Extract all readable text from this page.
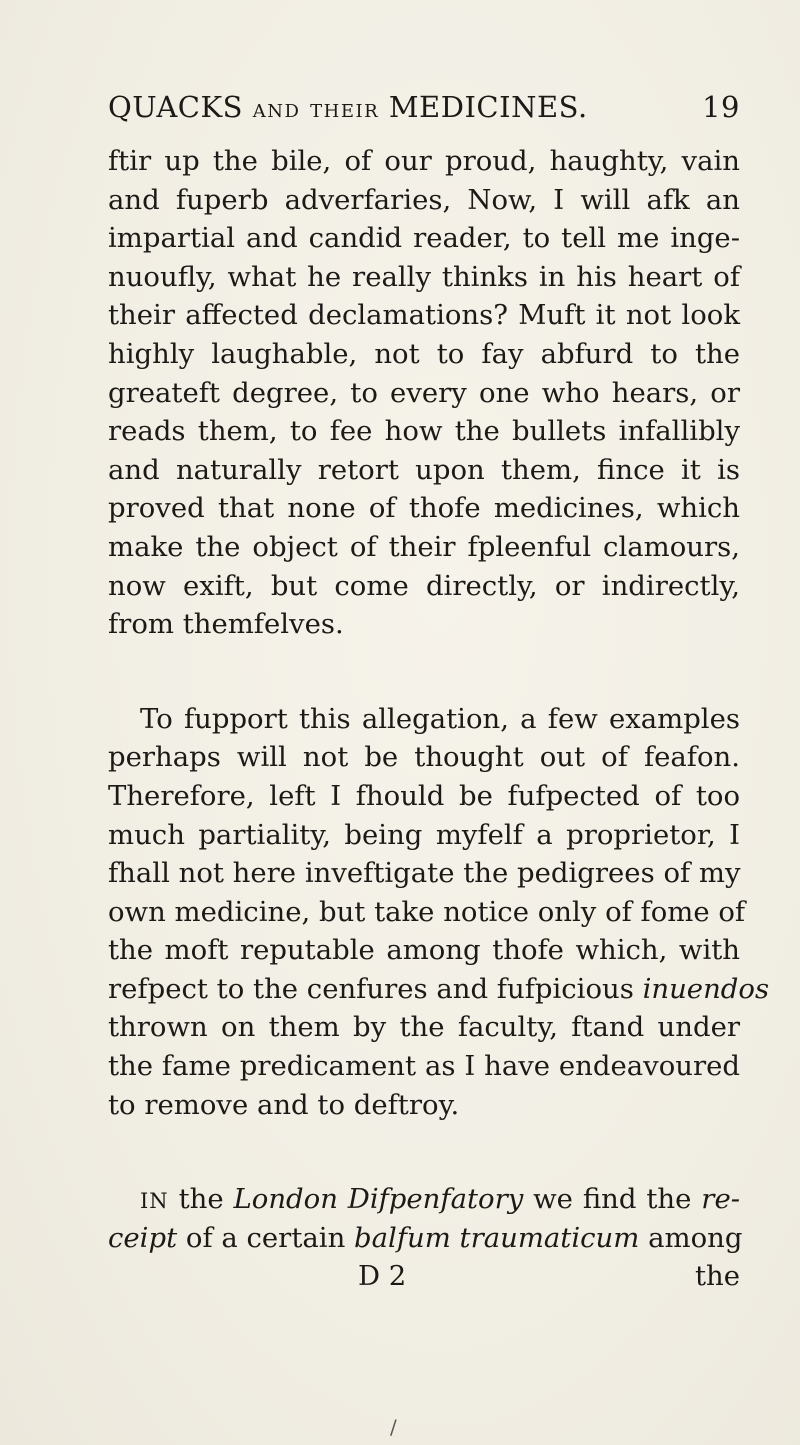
QUACKS AND THEIR MEDICINES.	19
ftir up the bile, of our proud, haughty, vain
and fuperb adverfaries, Now, I will afk an
impartial and candid reader, to tell me inge-
nuoufly, what he really thinks in his heart of
their affected declamations? Muft it not look
highly laughable, not to fay abfurd to the
greateft degree, to every one who hears, or
reads them, to fee how the bullets infallibly
and naturally retort upon them, fince it is
proved that none of thofe medicines, which
make the object of their fpleenful clamours,
now exift, but come directly, or indirectly,
from themfelves.
To fupport this allegation, a few examples
perhaps will not be thought out of feafon.
Therefore, left I fhould be fufpected of too
much partiality, being myfelf a proprietor, I
fhall not here inveftigate the pedigrees of my
own medicine, but take notice only of fome of
the moft reputable among thofe which, with
refpect to the cenfures and fufpicious inuendos
thrown on them by the faculty, ftand under
the fame predicament as I have endeavoured
to remove and to deftroy.
IN the London Difpenfatory we find the re-
ceipt of a certain balfum traumaticum among
D 2	the
/
